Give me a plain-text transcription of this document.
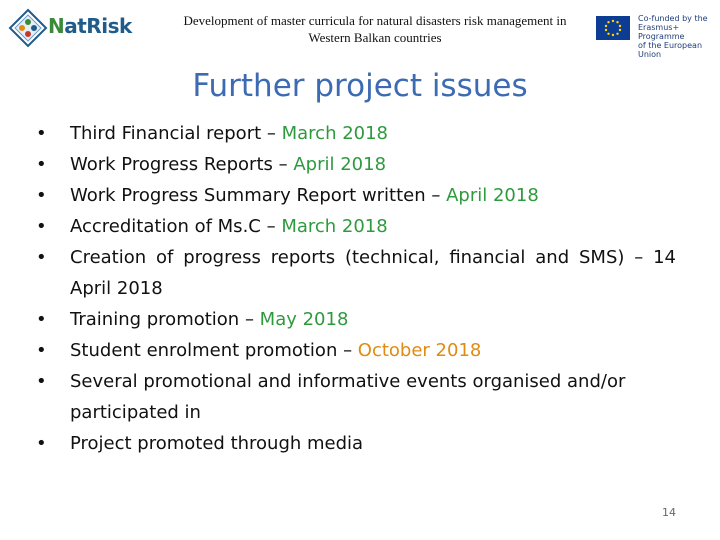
NatRisk	Development of master curricula for natural disasters risk management in
Western Balkan countries
Co-funded by the
Erasmus+ Programme
of the European Union
Further project issues
• Third Financial report – March 2018
• Work Progress Reports – April 2018
• Work Progress Summary Report written – April 2018
• Accreditation of Ms.C – March 2018
• Creation of progress reports (technical, financial and SMS) – 14 April 2018
• Training promotion – May 2018
• Student enrolment promotion – October 2018
• Several promotional and informative events organised and/or participated in
• Project promoted through media
14
